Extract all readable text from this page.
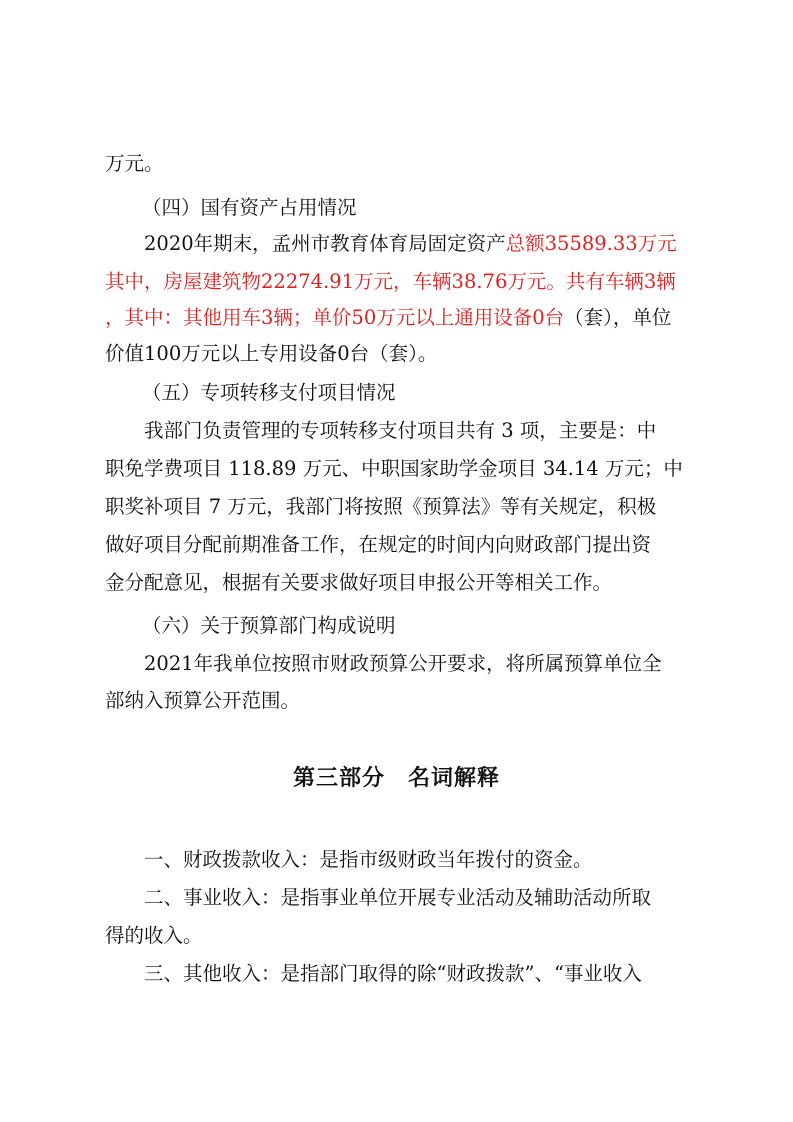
万元。
（四）国有资产占用情况
2020年期末，孟州市教育体育局固定资产总额35589.33万元
其中，房屋建筑物22274.91万元，车辆38.76万元。共有车辆3辆
，其中：其他用车3辆；单价50万元以上通用设备0台（套），单位
价值100万元以上专用设备0台（套）。
（五）专项转移支付项目情况
我部门负责管理的专项转移支付项目共有 3 项，主要是：中
职免学费项目 118.89 万元、中职国家助学金项目 34.14 万元；中
职奖补项目 7 万元，我部门将按照《预算法》等有关规定，积极
做好项目分配前期准备工作，在规定的时间内向财政部门提出资
金分配意见，根据有关要求做好项目申报公开等相关工作。
（六）关于预算部门构成说明
2021年我单位按照市财政预算公开要求，将所属预算单位全
部纳入预算公开范围。
第三部分　名词解释
一、财政拨款收入：是指市级财政当年拨付的资金。
二、事业收入：是指事业单位开展专业活动及辅助活动所取
得的收入。
三、其他收入：是指部门取得的除“财政拨款”、“事业收入
